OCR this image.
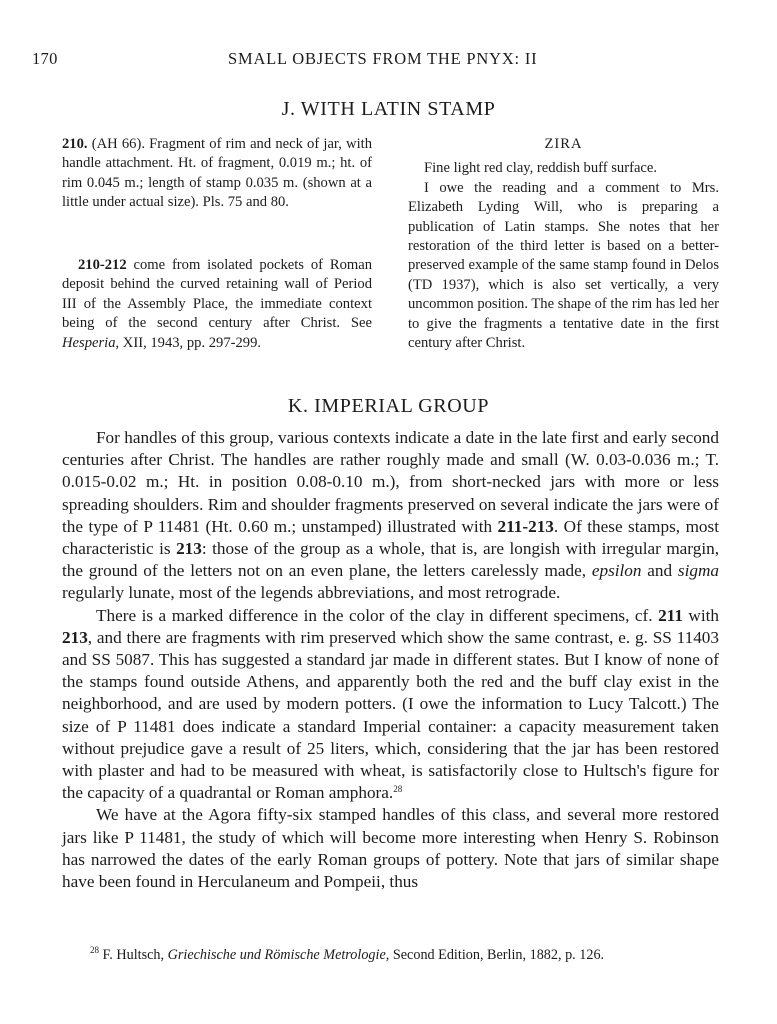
170	SMALL OBJECTS FROM THE PNYX: II
J. WITH LATIN STAMP

210. (AH 66). Fragment of rim and neck of jar, with handle attachment. Ht. of fragment, 0.019 m.; ht. of rim 0.045 m.; length of stamp 0.035 m. (shown at a little under actual size). Pls. 75 and 80.

210-212 come from isolated pockets of Roman deposit behind the curved retaining wall of Period III of the Assembly Place, the immediate context being of the second century after Christ. See Hesperia, XII, 1943, pp. 297-299.

ZIRA

Fine light red clay, reddish buff surface.

I owe the reading and a comment to Mrs. Elizabeth Lyding Will, who is preparing a publication of Latin stamps. She notes that her restoration of the third letter is based on a better-preserved example of the same stamp found in Delos (TD 1937), which is also set vertically, a very uncommon position. The shape of the rim has led her to give the fragments a tentative date in the first century after Christ.

K. IMPERIAL GROUP

For handles of this group, various contexts indicate a date in the late first and early second centuries after Christ. The handles are rather roughly made and small (W. 0.03-0.036 m.; T. 0.015-0.02 m.; Ht. in position 0.08-0.10 m.), from short-necked jars with more or less spreading shoulders. Rim and shoulder fragments preserved on several indicate the jars were of the type of P 11481 (Ht. 0.60 m.; unstamped) illustrated with 211-213. Of these stamps, most characteristic is 213: those of the group as a whole, that is, are longish with irregular margin, the ground of the letters not on an even plane, the letters carelessly made, epsilon and sigma regularly lunate, most of the legends abbreviations, and most retrograde.

There is a marked difference in the color of the clay in different specimens, cf. 211 with 213, and there are fragments with rim preserved which show the same contrast, e. g. SS 11403 and SS 5087. This has suggested a standard jar made in different states. But I know of none of the stamps found outside Athens, and apparently both the red and the buff clay exist in the neighborhood, and are used by modern potters. (I owe the information to Lucy Talcott.) The size of P 11481 does indicate a standard Imperial container: a capacity measurement taken without prejudice gave a result of 25 liters, which, considering that the jar has been restored with plaster and had to be measured with wheat, is satisfactorily close to Hultsch's figure for the capacity of a quadrantal or Roman amphora.$^{28}$

We have at the Agora fifty-six stamped handles of this class, and several more restored jars like P 11481, the study of which will become more interesting when Henry S. Robinson has narrowed the dates of the early Roman groups of pottery. Note that jars of similar shape have been found in Herculaneum and Pompeii, thus

$^{28}$ F. Hultsch, Griechische und Römische Metrologie, Second Edition, Berlin, 1882, p. 126.
